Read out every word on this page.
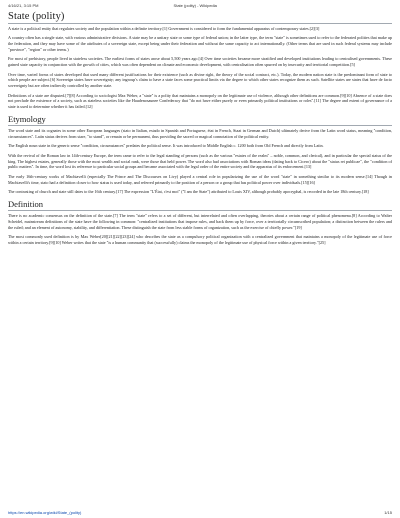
4/16/21, 3:15 PM	State (polity) - Wikipedia
State (polity)

A state is a political entity that regulates society and the population within a definite territory.[1] Government is considered to form the fundamental apparatus of contemporary states.[2][3]

A country often has a single state, with various administrative divisions. A state may be a unitary state or some type of federal union; in the latter type, the term "state" is sometimes used to refer to the federated polities that make up the federation, and they may have some of the attributes of a sovereign state, except being under their federation and without the same capacity to act internationally. (Other terms that are used in such federal systems may include "province", "region" or other terms.)

For most of prehistory, people lived in stateless societies. The earliest forms of states arose about 5,500 years ago.[4] Over time societies became more stratified and developed institutions leading to centralised governments. These gained state capacity in conjunction with the growth of cities, which was often dependent on climate and economic development, with centralisation often spurred on by insecurity and territorial competition.[5]

Over time, varied forms of states developed that used many different justifications for their existence (such as divine right, the theory of the social contract, etc.). Today, the modern nation state is the predominant form of state to which people are subject.[6] Sovereign states have sovereignty; any ingroup's claim to have a state faces some practical limits via the degree to which other states recognize them as such. Satellite states are states that have de facto sovereignty but are often indirectly controlled by another state.

Definitions of a state are disputed.[7][8] According to sociologist Max Weber, a "state" is a polity that maintains a monopoly on the legitimate use of violence, although other definitions are common.[9][10] Absence of a state does not preclude the existence of a society, such as stateless societies like the Haudenosaunee Confederacy that "do not have either purely or even primarily political institutions or roles".[11] The degree and extent of governance of a state is used to determine whether it has failed.[12]

Etymology

The word state and its cognates in some other European languages (stato in Italian, estado in Spanish and Portuguese, état in French, Staat in German and Dutch) ultimately derive from the Latin word status, meaning "condition, circumstances". Latin status derives from stare, "to stand", or remain or be permanent, thus providing the sacred or magical connotation of the political entity.

The English noun state in the generic sense "condition, circumstances" predates the political sense. It was introduced to Middle English c. 1200 both from Old French and directly from Latin.

With the revival of the Roman law in 14th-century Europe, the term came to refer to the legal standing of persons (such as the various "estates of the realm" – noble, common, and clerical), and in particular the special status of the king. The highest estates, generally those with the most wealth and social rank, were those that held power. The word also had associations with Roman ideas (dating back to Cicero) about the "status rei publicae", the "condition of public matters". In time, the word lost its reference to particular social groups and became associated with the legal order of the entire society and the apparatus of its enforcement.[13]

The early 16th-century works of Machiavelli (especially The Prince and The Discourses on Livy) played a central role in popularizing the use of the word "state" in something similar to its modern sense.[14] Though in Machiavelli's time, stato had a definition closer to how status is used today, and referred primarily to the position of a person or a group that has political power over individuals.[15][16]

The contrasting of church and state still dates to the 16th century.[17] The expression "L'État, c'est moi" ("I am the State") attributed to Louis XIV, although probably apocryphal, is recorded in the late 18th century.[18]

Definition

There is no academic consensus on the definition of the state.[7] The term "state" refers to a set of different, but interrelated and often overlapping, theories about a certain range of political phenomena.[8] According to Walter Scheidel, mainstream definitions of the state have the following in common: "centralized institutions that impose rules, and back them up by force, over a territorially circumscribed population; a distinction between the rulers and the ruled; and an element of autonomy, stability, and differentiation. These distinguish the state from less stable forms of organization, such as the exercise of chiefly power."[19]

The most commonly used definition is by Max Weber[20][21][22][23][24] who describes the state as a compulsory political organization with a centralized government that maintains a monopoly of the legitimate use of force within a certain territory.[9][10] Weber writes that the state "is a human community that (successfully) claims the monopoly of the legitimate use of physical force within a given territory."[25]

https://en.wikipedia.org/wiki/State_(polity)	1/15
